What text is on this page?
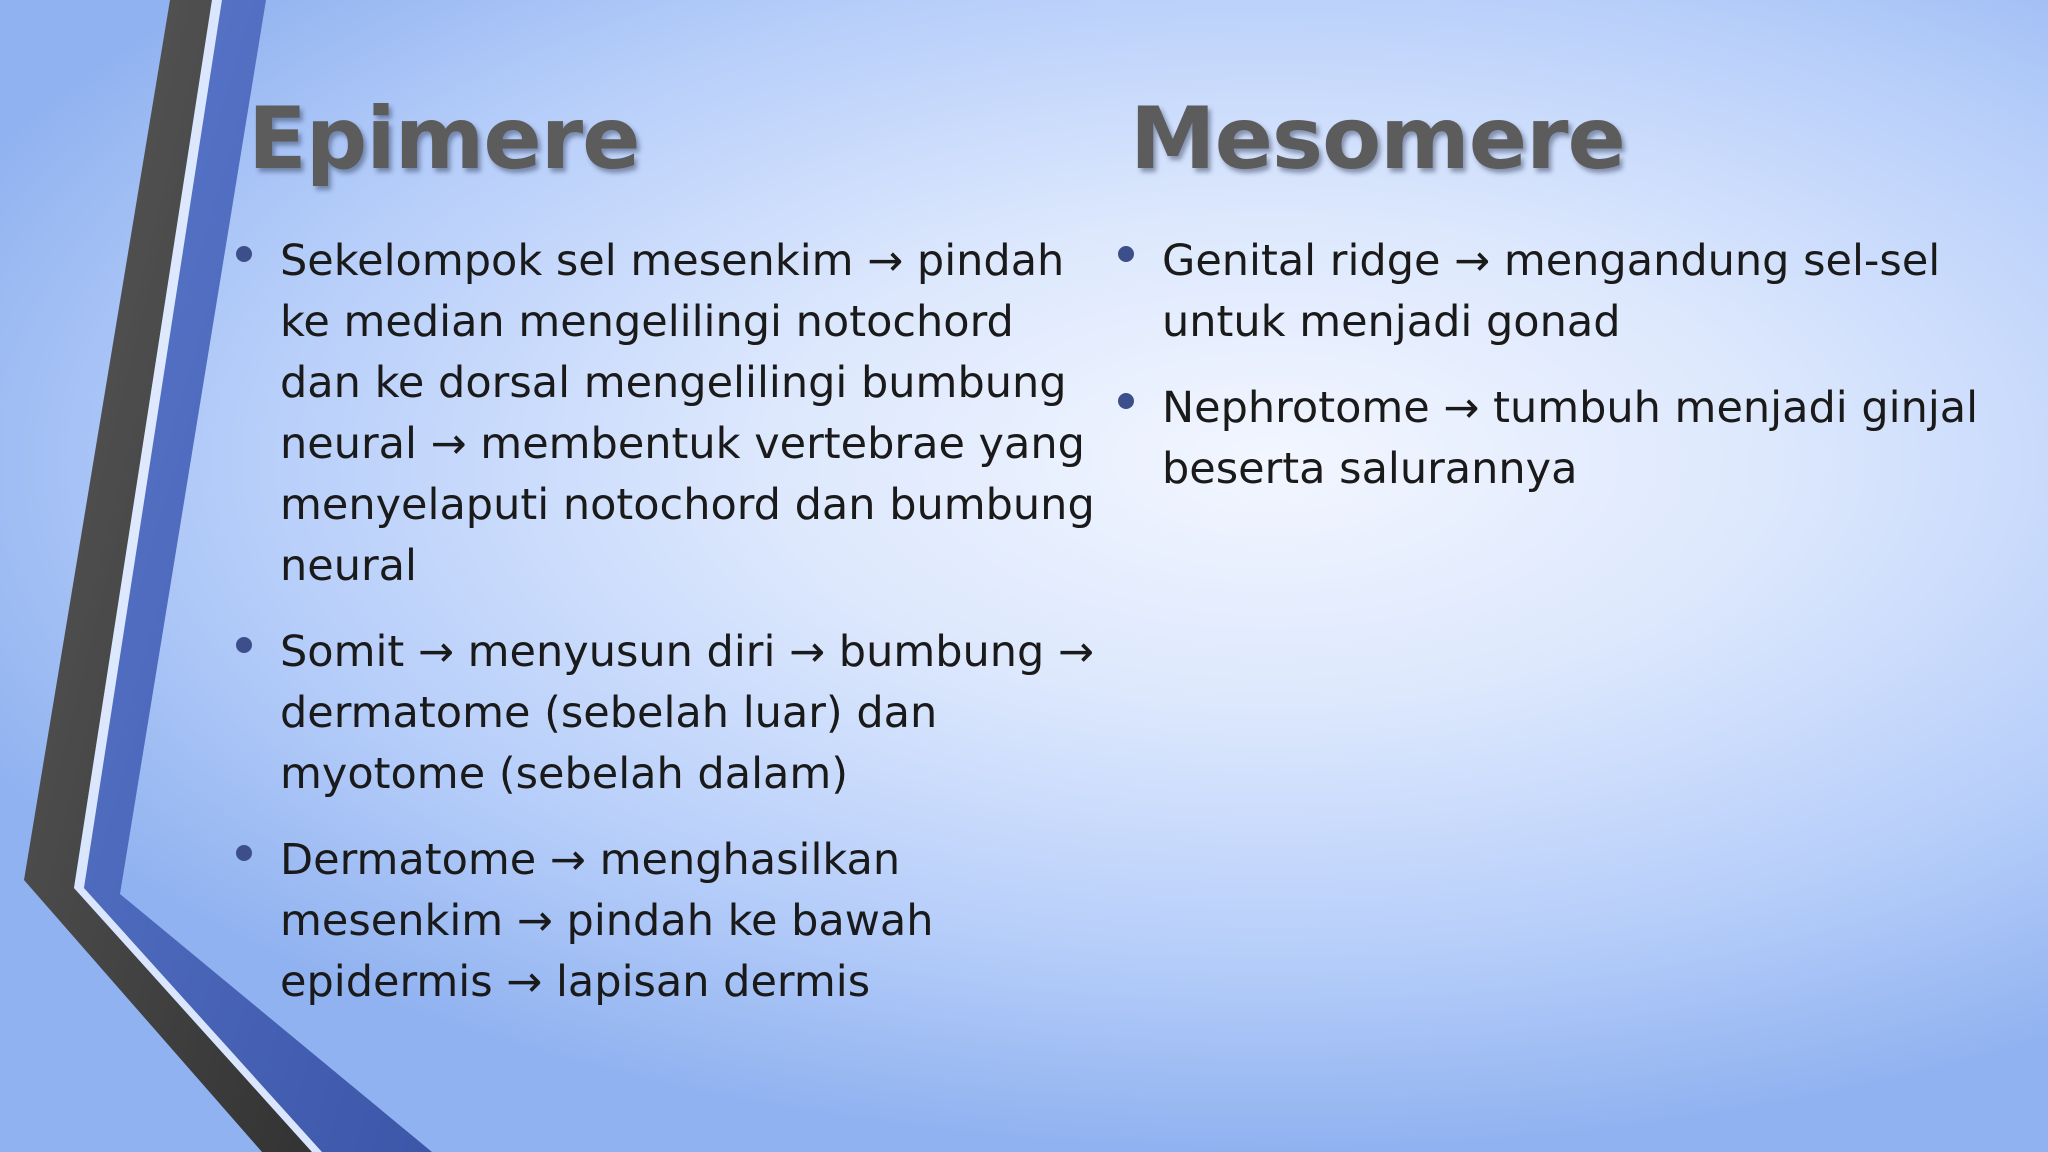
Epimere
Sekelompok sel mesenkim → pindah ke median mengelilingi notochord dan ke dorsal mengelilingi bumbung neural → membentuk vertebrae yang menyelaputi notochord dan bumbung neural
Somit → menyusun diri → bumbung → dermatome (sebelah luar) dan myotome (sebelah dalam)
Dermatome → menghasilkan mesenkim → pindah ke bawah epidermis → lapisan dermis
Mesomere
Genital ridge → mengandung sel-sel untuk menjadi gonad
Nephrotome → tumbuh menjadi ginjal beserta salurannya
